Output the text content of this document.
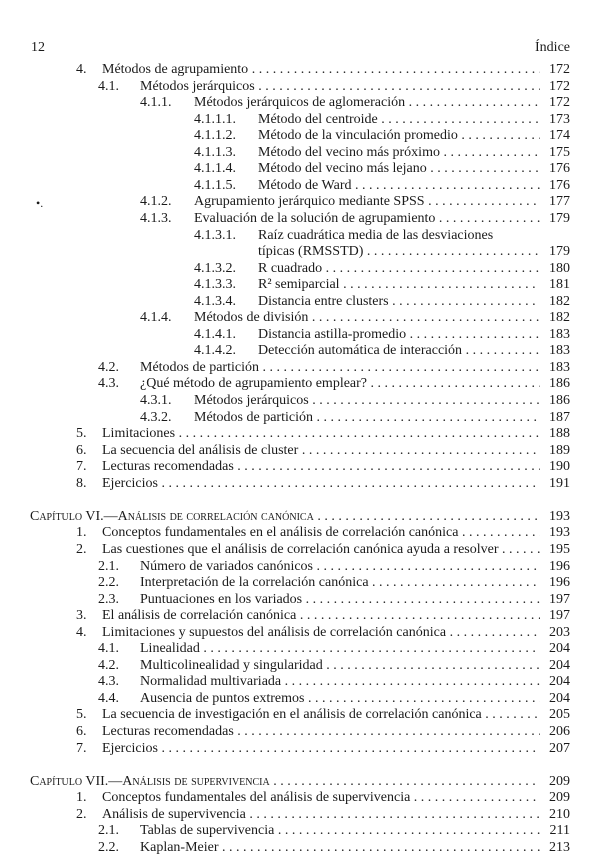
12	Índice
•.
4. Métodos de agrupamiento . . .	172
4.1. Métodos jerárquicos . . .	172
4.1.1. Métodos jerárquicos de aglomeración . . .	172
4.1.1.1. Método del centroide . . .	173
4.1.1.2. Método de la vinculación promedio . . .	174
4.1.1.3. Método del vecino más próximo . . .	175
4.1.1.4. Método del vecino más lejano . . .	176
4.1.1.5. Método de Ward . . .	176
4.1.2. Agrupamiento jerárquico mediante SPSS . . .	177
4.1.3. Evaluación de la solución de agrupamiento . . .	179
4.1.3.1. Raíz cuadrática media de las desviaciones
típicas (RMSSTD) . . .	179
4.1.3.2. R cuadrado . . .	180
4.1.3.3. R² semiparcial . . .	181
4.1.3.4. Distancia entre clusters . . .	182
4.1.4. Métodos de división . . .	182
4.1.4.1. Distancia astilla-promedio . . .	183
4.1.4.2. Detección automática de interacción . . .	183
4.2. Métodos de partición . . .	183
4.3. ¿Qué método de agrupamiento emplear? . . .	186
4.3.1. Métodos jerárquicos . . .	186
4.3.2. Métodos de partición . . .	187
5. Limitaciones . . .	188
6. La secuencia del análisis de cluster . . .	189
7. Lecturas recomendadas . . .	190
8. Ejercicios . . .	191
Capítulo VI.—Análisis de correlación canónica . . .	193
1. Conceptos fundamentales en el análisis de correlación canónica . . .	193
2. Las cuestiones que el análisis de correlación canónica ayuda a resolver . . .	195
2.1. Número de variados canónicos . . .	196
2.2. Interpretación de la correlación canónica . . .	196
2.3. Puntuaciones en los variados . . .	197
3. El análisis de correlación canónica . . .	197
4. Limitaciones y supuestos del análisis de correlación canónica . . .	203
4.1. Linealidad . . .	204
4.2. Multicolinealidad y singularidad . . .	204
4.3. Normalidad multivariada . . .	204
4.4. Ausencia de puntos extremos . . .	204
5. La secuencia de investigación en el análisis de correlación canónica . . .	205
6. Lecturas recomendadas . . .	206
7. Ejercicios . . .	207
Capítulo VII.—Análisis de supervivencia . . .	209
1. Conceptos fundamentales del análisis de supervivencia . . .	209
2. Análisis de supervivencia . . .	210
2.1. Tablas de supervivencia . . .	211
2.2. Kaplan-Meier . . .	213
